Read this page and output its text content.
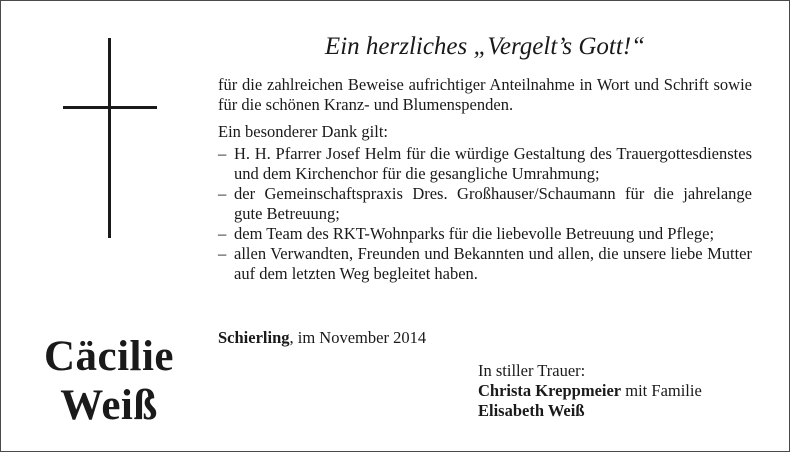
Cäcilie
Weiß
Ein herzliches „Vergelt’s Gott!“
für die zahlreichen Beweise aufrichtiger Anteilnahme in Wort und Schrift sowie für die schönen Kranz- und Blumenspenden.
Ein besonderer Dank gilt:
– H. H. Pfarrer Josef Helm für die würdige Gestaltung des Trauergottesdienstes und dem Kirchenchor für die gesangliche Umrahmung;
– der Gemeinschaftspraxis Dres. Großhauser/Schaumann für die jahrelange gute Betreuung;
– dem Team des RKT-Wohnparks für die liebevolle Betreuung und Pflege;
– allen Verwandten, Freunden und Bekannten und allen, die unsere liebe Mutter auf dem letzten Weg begleitet haben.
Schierling, im November 2014
In stiller Trauer:
Christa Kreppmeier mit Familie
Elisabeth Weiß
